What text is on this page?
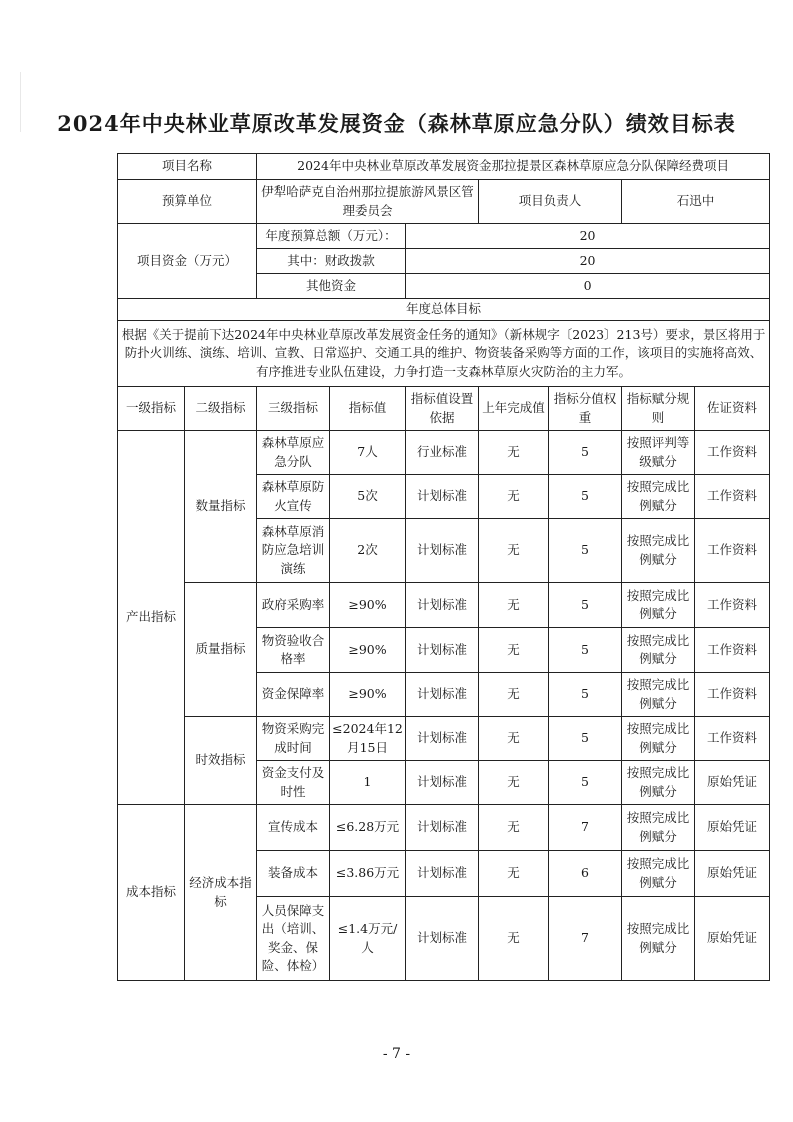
2024年中央林业草原改革发展资金（森林草原应急分队）绩效目标表
项目名称		2024年中央林业草原改革发展资金那拉提景区森林草原应急分队保障经费项目						
预算单位		伊犁哈萨克自治州那拉提旅游风景区管理委员会			项目负责人		石迅中	
项目资金（万元）		年度预算总额（万元）：		20				
		其中：财政拨款		20				
		其他资金		0				
年度总体目标								
根据《关于提前下达2024年中央林业草原改革发展资金任务的通知》（新林规字〔2023〕213号）要求，景区将用于防扑火训练、演练、培训、宣教、日常巡护、交通工具的维护、物资装备采购等方面的工作，该项目的实施将高效、有序推进专业队伍建设，力争打造一支森林草原火灾防治的主力军。								
一级指标	二级指标	三级指标	指标值	指标值设置依据	上年完成值	指标分值权重	指标赋分规则	佐证资料
产出指标	数量指标	森林草原应急分队	7人	行业标准	无	5	按照评判等级赋分	工作资料
		森林草原防火宣传	5次	计划标准	无	5	按照完成比例赋分	工作资料
		森林草原消防应急培训演练	2次	计划标准	无	5	按照完成比例赋分	工作资料
	质量指标	政府采购率	≥90%	计划标准	无	5	按照完成比例赋分	工作资料
		物资验收合格率	≥90%	计划标准	无	5	按照完成比例赋分	工作资料
		资金保障率	≥90%	计划标准	无	5	按照完成比例赋分	工作资料
	时效指标	物资采购完成时间	≤2024年12月15日	计划标准	无	5	按照完成比例赋分	工作资料
		资金支付及时性	1	计划标准	无	5	按照完成比例赋分	原始凭证
成本指标	经济成本指标	宣传成本	≤6.28万元	计划标准	无	7	按照完成比例赋分	原始凭证
		装备成本	≤3.86万元	计划标准	无	6	按照完成比例赋分	原始凭证
		人员保障支出（培训、奖金、保险、体检）	≤1.4万元/人	计划标准	无	7	按照完成比例赋分	原始凭证
- 7 -
